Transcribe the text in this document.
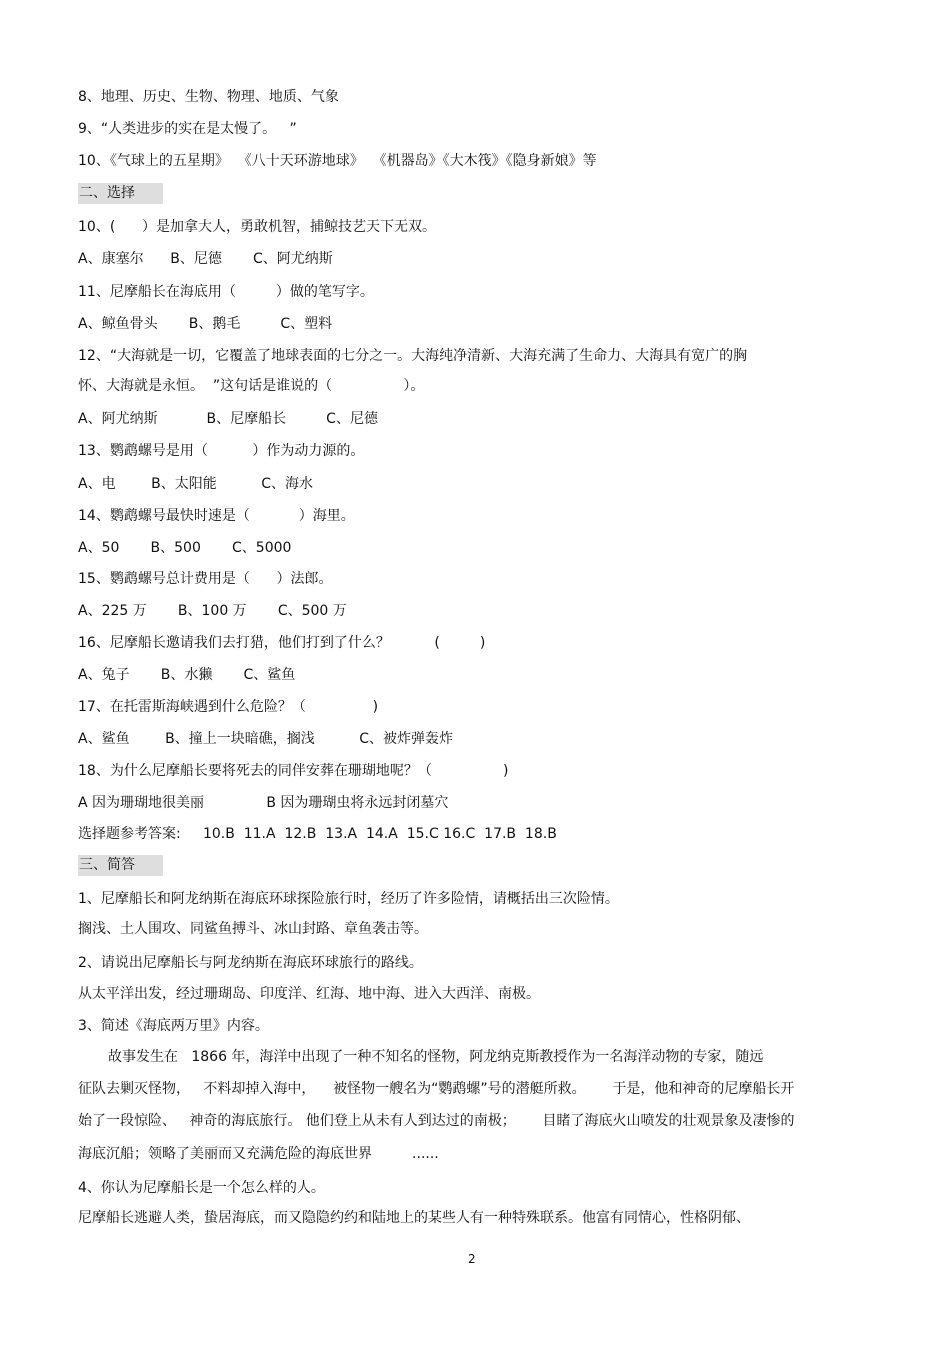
8、地理、历史、生物、物理、地质、气象
9、“人类进步的实在是太慢了。   ”
10、《气球上的五星期》  《八十天环游地球》  《机器岛》《大木筏》《隐身新娘》等
二、选择
10、(      ）是加拿大人，勇敢机智，捕鲸技艺天下无双。
A、康塞尔      B、尼德       C、阿尤纳斯
11、尼摩船长在海底用（         ）做的笔写字。
A、鲸鱼骨头       B、鹅毛         C、塑料
12、“大海就是一切，它覆盖了地球表面的七分之一。大海纯净清新、大海充满了生命力、大海具有宽广的胸
怀、大海就是永恒。  ”这句话是谁说的（                ）。
A、阿尤纳斯           B、尼摩船长         C、尼德
13、鹦鹉螺号是用（          ）作为动力源的。
A、电        B、太阳能          C、海水
14、鹦鹉螺号最快时速是（           ）海里。
A、50       B、500       C、5000
15、鹦鹉螺号总计费用是（      ）法郎。
A、225 万       B、100 万       C、500 万
16、尼摩船长邀请我们去打猎，他们打到了什么？          (         )
A、兔子       B、水獭       C、鲨鱼
17、在托雷斯海峡遇到什么危险？（               )
A、鲨鱼        B、撞上一块暗礁，搁浅          C、被炸弹轰炸
18、为什么尼摩船长要将死去的同伴安葬在珊瑚地呢？（                )
A 因为珊瑚地很美丽              B 因为珊瑚虫将永远封闭墓穴
选择题参考答案:     10.B  11.A  12.B  13.A  14.A  15.C 16.C  17.B  18.B
三、简答
1、尼摩船长和阿龙纳斯在海底环球探险旅行时，经历了许多险情，请概括出三次险情。
搁浅、土人围攻、同鲨鱼搏斗、冰山封路、章鱼袭击等。
2、请说出尼摩船长与阿龙纳斯在海底环球旅行的路线。
从太平洋出发，经过珊瑚岛、印度洋、红海、地中海、进入大西洋、南极。
3、简述《海底两万里》内容。
故事发生在   1866 年，海洋中出现了一种不知名的怪物，阿龙纳克斯教授作为一名海洋动物的专家，随远
征队去剿灭怪物，   不料却掉入海中，    被怪物一艘名为“鹦鹉螺”号的潜艇所救。      于是，他和神奇的尼摩船长开
始了一段惊险、   神奇的海底旅行。 他们登上从未有人到达过的南极；      目睹了海底火山喷发的壮观景象及凄惨的
海底沉船；领略了美丽而又充满危险的海底世界         ......
4、你认为尼摩船长是一个怎么样的人。
尼摩船长逃避人类，蛰居海底，而又隐隐约约和陆地上的某些人有一种特殊联系。他富有同情心，性格阴郁、
2
